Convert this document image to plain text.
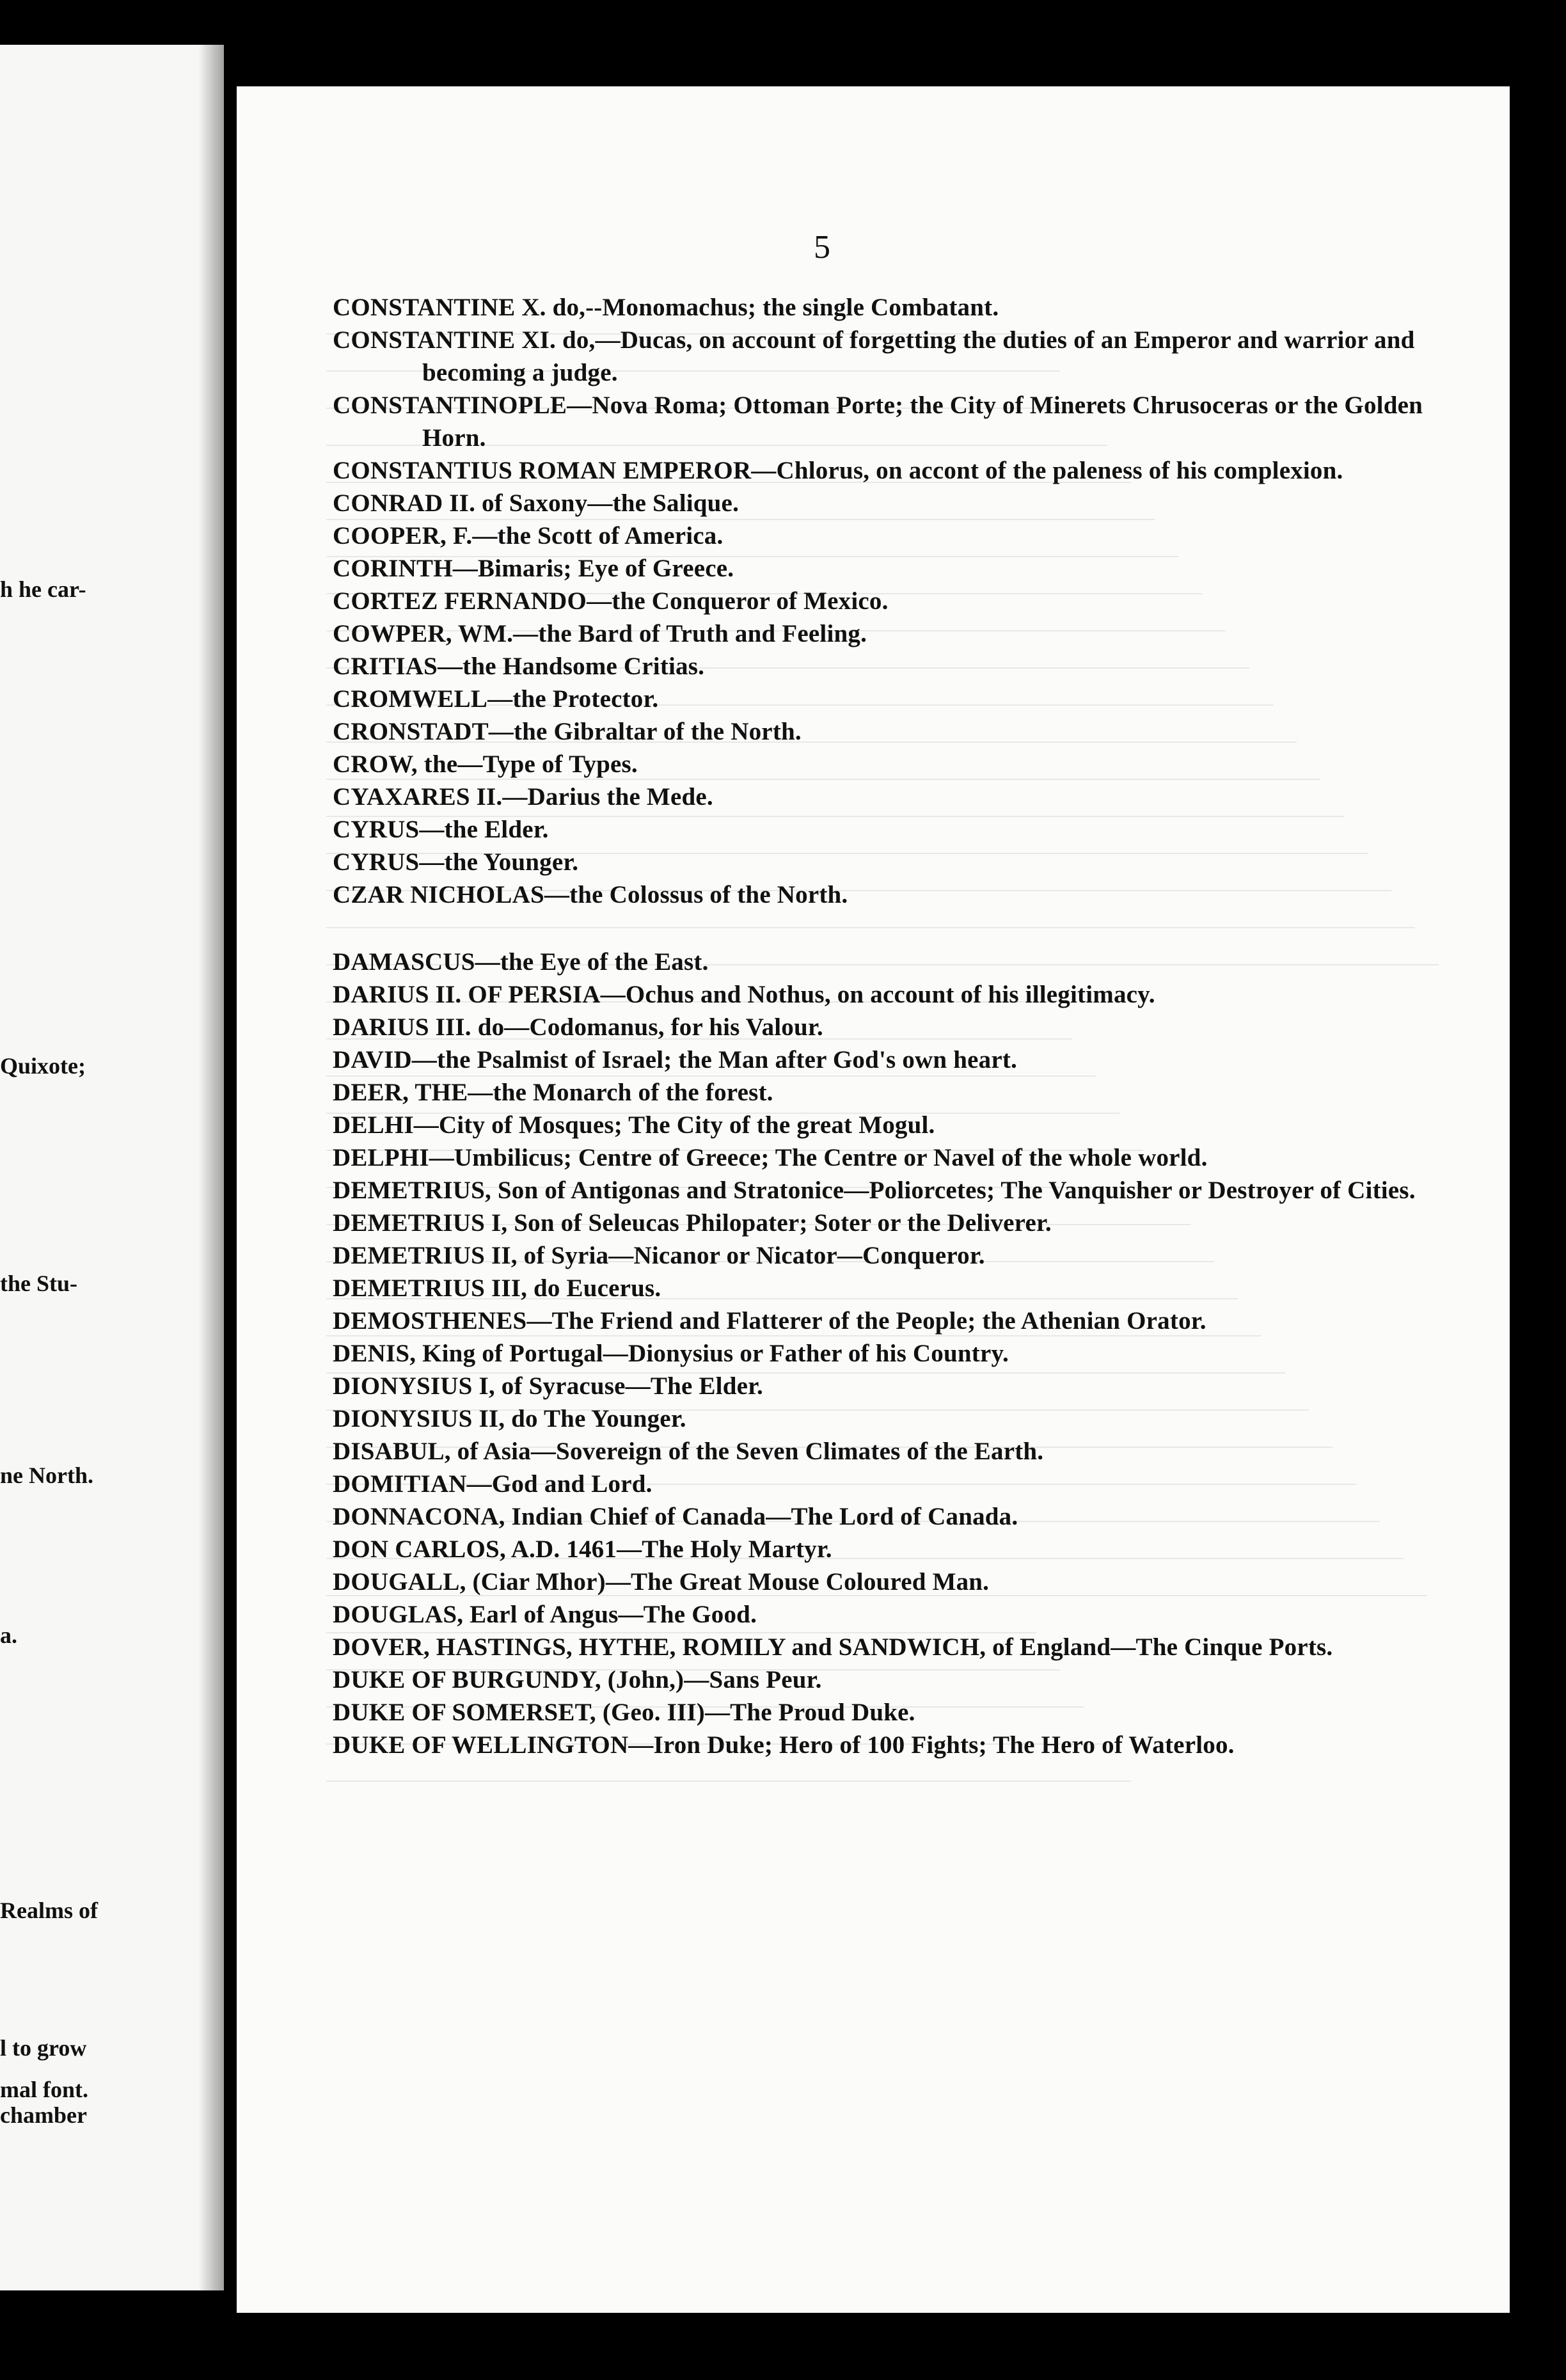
h he car-
Quixote;
the Stu-
ne North.
a.
Realms of
l to grow
mal font.
chamber
5

CONSTANTINE X. do,--Monomachus; the single Combatant.

CONSTANTINE XI. do,—Ducas, on account of forgetting the duties of an Emperor and warrior and becoming a judge.

CONSTANTINOPLE—Nova Roma; Ottoman Porte; the City of Minerets Chrusoceras or the Golden Horn.

CONSTANTIUS ROMAN EMPEROR—Chlorus, on accont of the paleness of his complexion.

CONRAD II. of Saxony—the Salique.

COOPER, F.—the Scott of America.

CORINTH—Bimaris; Eye of Greece.

CORTEZ FERNANDO—the Conqueror of Mexico.

COWPER, WM.—the Bard of Truth and Feeling.

CRITIAS—the Handsome Critias.

CROMWELL—the Protector.

CRONSTADT—the Gibraltar of the North.

CROW, the—Type of Types.

CYAXARES II.—Darius the Mede.

CYRUS—the Elder.

CYRUS—the Younger.

CZAR NICHOLAS—the Colossus of the North.

DAMASCUS—the Eye of the East.

DARIUS II. OF PERSIA—Ochus and Nothus, on account of his illegitimacy.

DARIUS III. do—Codomanus, for his Valour.

DAVID—the Psalmist of Israel; the Man after God's own heart.

DEER, THE—the Monarch of the forest.

DELHI—City of Mosques; The City of the great Mogul.

DELPHI—Umbilicus; Centre of Greece; The Centre or Navel of the whole world.

DEMETRIUS, Son of Antigonas and Stratonice—Poliorcetes; The Vanquisher or Destroyer of Cities.

DEMETRIUS I, Son of Seleucas Philopater; Soter or the Deliverer.

DEMETRIUS II, of Syria—Nicanor or Nicator—Conqueror.

DEMETRIUS III, do Eucerus.

DEMOSTHENES—The Friend and Flatterer of the People; the Athenian Orator.

DENIS, King of Portugal—Dionysius or Father of his Country.

DIONYSIUS I, of Syracuse—The Elder.

DIONYSIUS II, do The Younger.

DISABUL, of Asia—Sovereign of the Seven Climates of the Earth.

DOMITIAN—God and Lord.

DONNACONA, Indian Chief of Canada—The Lord of Canada.

DON CARLOS, A.D. 1461—The Holy Martyr.

DOUGALL, (Ciar Mhor)—The Great Mouse Coloured Man.

DOUGLAS, Earl of Angus—The Good.

DOVER, HASTINGS, HYTHE, ROMILY and SANDWICH, of England—The Cinque Ports.

DUKE OF BURGUNDY, (John,)—Sans Peur.

DUKE OF SOMERSET, (Geo. III)—The Proud Duke.

DUKE OF WELLINGTON—Iron Duke; Hero of 100 Fights; The Hero of Waterloo.
